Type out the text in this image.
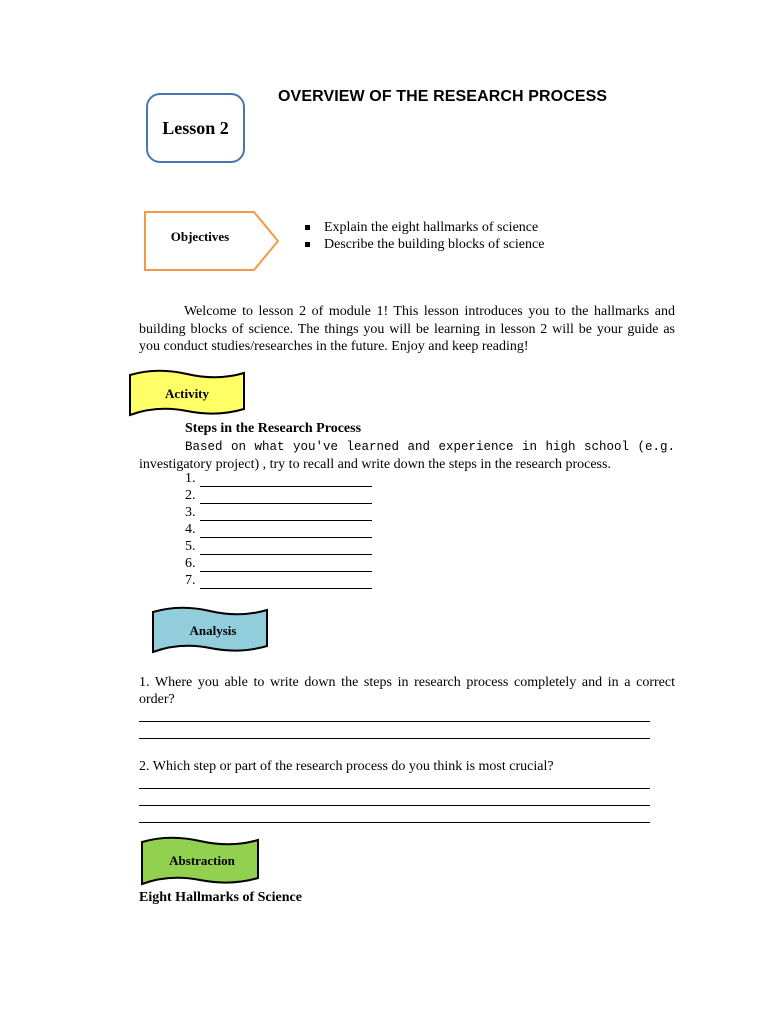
Lesson 2
OVERVIEW OF THE RESEARCH PROCESS
Objectives
Explain the eight hallmarks of science
Describe the building blocks of science

Welcome to lesson 2 of module 1! This lesson introduces you to the hallmarks and building blocks of science. The things you will be learning in lesson 2 will be your guide as you conduct studies/researches in the future. Enjoy and keep reading!

Activity
Steps in the Research Process

Based on what you've learned and experience in high school (e.g. investigatory project) , try to recall and write down the steps in the research process.

1.
2.
3.
4.
5.
6.
7.
Analysis

1. Where you able to write down the steps in research process completely and in a correct order?

2. Which step or part of the research process do you think is most crucial?

Abstraction
Eight Hallmarks of Science
